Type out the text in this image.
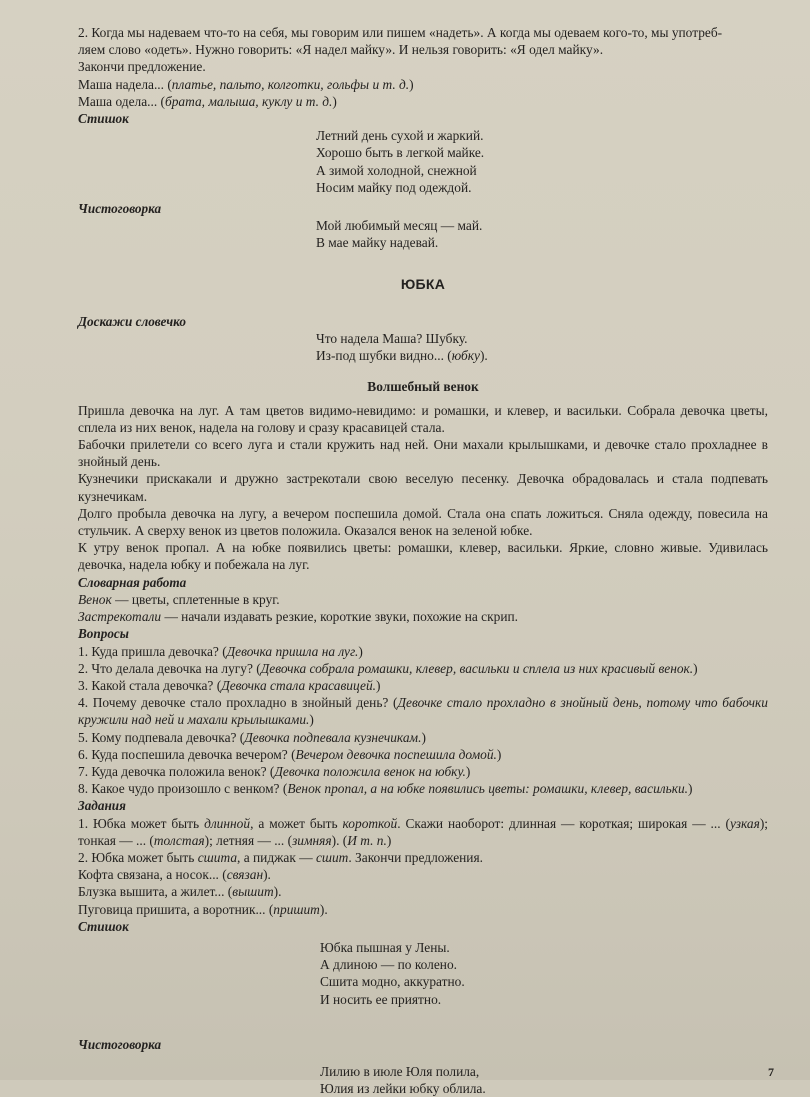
2. Когда мы надеваем что-то на себя, мы говорим или пишем «надеть». А когда мы одеваем кого-то, мы употреб-
ляем слово «одеть». Нужно говорить: «Я надел майку». И нельзя говорить: «Я одел майку».

Закончи предложение.

Маша надела... (платье, пальто, колготки, гольфы и т. д.)

Маша одела... (брата, малыша, куклу и т. д.)

Стишок

Летний день сухой и жаркий.

Хорошо быть в легкой майке.

А зимой холодной, снежной

Носим майку под одеждой.

Чистоговорка

Мой любимый месяц — май.

В мае майку надевай.

ЮБКА

Доскажи словечко

Что надела Маша? Шубку.

Из-под шубки видно... (юбку).

Волшебный венок

Пришла девочка на луг. А там цветов видимо-невидимо: и ромашки, и клевер, и васильки. Собрала девочка цветы, сплела из них венок, надела на голову и сразу красавицей стала.

Бабочки прилетели со всего луга и стали кружить над ней. Они махали крылышками, и девочке стало прохладнее в знойный день.

Кузнечики прискакали и дружно застрекотали свою веселую песенку. Девочка обрадовалась и стала подпевать кузнечикам.

Долго пробыла девочка на лугу, а вечером поспешила домой. Стала она спать ложиться. Сняла одежду, повесила на стульчик. А сверху венок из цветов положила. Оказался венок на зеленой юбке.

К утру венок пропал. А на юбке появились цветы: ромашки, клевер, васильки. Яркие, словно живые. Удивилась девочка, надела юбку и побежала на луг.

Словарная работа

Венок — цветы, сплетенные в круг.

Застрекотали — начали издавать резкие, короткие звуки, похожие на скрип.

Вопросы

1. Куда пришла девочка? (Девочка пришла на луг.)

2. Что делала девочка на лугу? (Девочка собрала ромашки, клевер, васильки и сплела из них красивый венок.)

3. Какой стала девочка? (Девочка стала красавицей.)

4. Почему девочке стало прохладно в знойный день? (Девочке стало прохладно в знойный день, потому что бабочки кружили над ней и махали крылышками.)

5. Кому подпевала девочка? (Девочка подпевала кузнечикам.)

6. Куда поспешила девочка вечером? (Вечером девочка поспешила домой.)

7. Куда девочка положила венок? (Девочка положила венок на юбку.)

8. Какое чудо произошло с венком? (Венок пропал, а на юбке появились цветы: ромашки, клевер, васильки.)

Задания

1. Юбка может быть длинной, а может быть короткой. Скажи наоборот: длинная — короткая; широкая — ... (узкая); тонкая — ... (толстая); летняя — ... (зимняя). (И т. п.)

2. Юбка может быть сшита, а пиджак — сшит. Закончи предложения.

Кофта связана, а носок... (связан).

Блузка вышита, а жилет... (вышит).

Пуговица пришита, а воротник... (пришит).

Стишок

Юбка пышная у Лены.

А длиною — по колено.

Сшита модно, аккуратно.

И носить ее приятно.

Чистоговорка

Лилию в июле Юля полила,

Юлия из лейки юбку облила.

7
